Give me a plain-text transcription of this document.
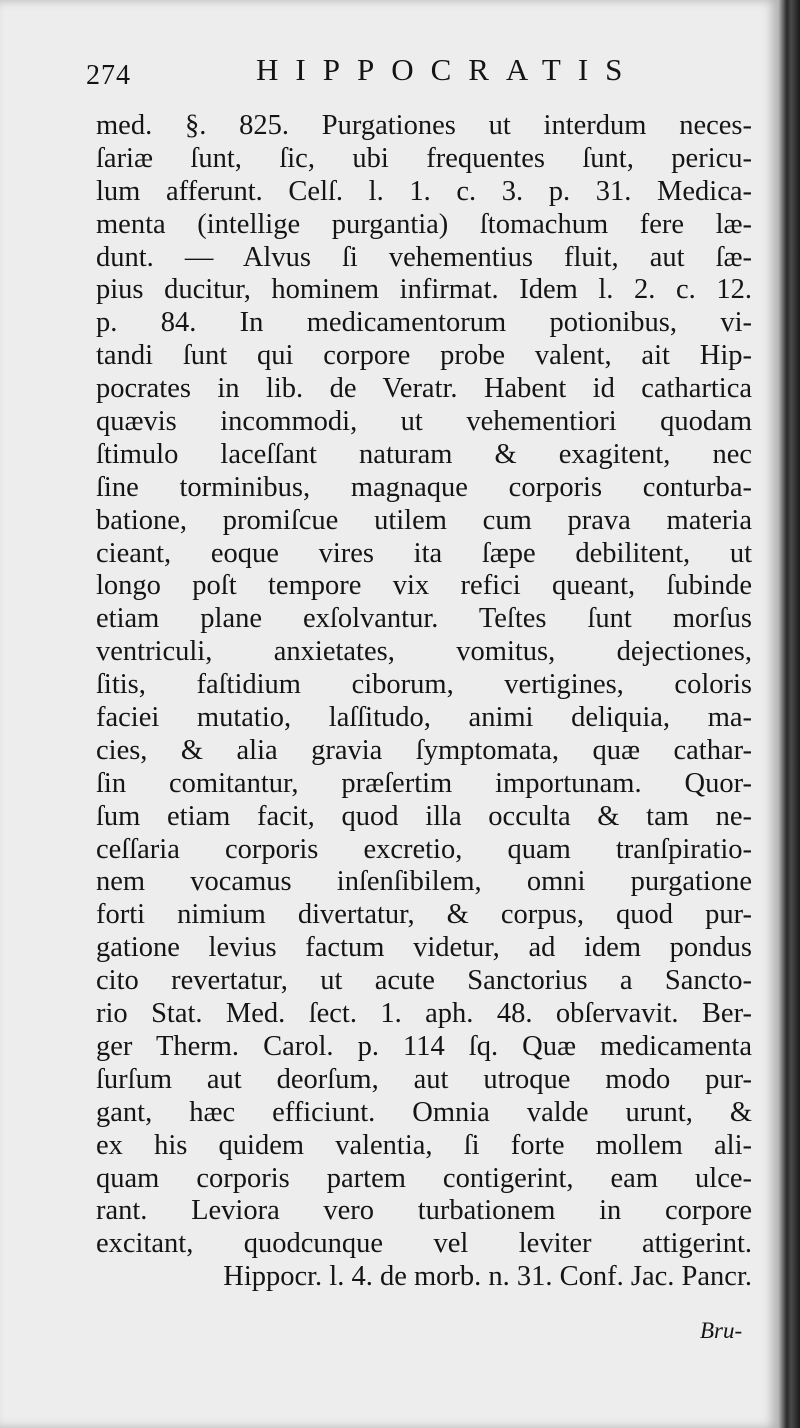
274	HIPPOCRATIS
med. §. 825. Purgationes ut interdum neces-
ſariæ ſunt, ſic, ubi frequentes ſunt, pericu-
lum afferunt. Celſ. l. 1. c. 3. p. 31. Medica-
menta (intellige purgantia) ſtomachum fere læ-
dunt. — Alvus ſi vehementius fluit, aut ſæ-
pius ducitur, hominem infirmat. Idem l. 2. c. 12.
p. 84. In medicamentorum potionibus, vi-
tandi ſunt qui corpore probe valent, ait Hip-
pocrates in lib. de Veratr. Habent id cathartica
quævis incommodi, ut vehementiori quodam
ſtimulo laceſſant naturam & exagitent, nec
ſine torminibus, magnaque corporis conturba-
batione, promiſcue utilem cum prava materia
cieant, eoque vires ita ſæpe debilitent, ut
longo poſt tempore vix refici queant, ſubinde
etiam plane exſolvantur. Teſtes ſunt morſus
ventriculi, anxietates, vomitus, dejectiones,
ſitis, faſtidium ciborum, vertigines, coloris
faciei mutatio, laſſitudo, animi deliquia, ma-
cies, & alia gravia ſymptomata, quæ cathar-
ſin comitantur, præſertim importunam. Quor-
ſum etiam facit, quod illa occulta & tam ne-
ceſſaria corporis excretio, quam tranſpiratio-
nem vocamus inſenſibilem, omni purgatione
forti nimium divertatur, & corpus, quod pur-
gatione levius factum videtur, ad idem pondus
cito revertatur, ut acute Sanctorius a Sancto-
rio Stat. Med. ſect. 1. aph. 48. obſervavit. Ber-
ger Therm. Carol. p. 114 ſq. Quæ medicamenta
ſurſum aut deorſum, aut utroque modo pur-
gant, hæc efficiunt. Omnia valde urunt, &
ex his quidem valentia, ſi forte mollem ali-
quam corporis partem contigerint, eam ulce-
rant. Leviora vero turbationem in corpore
excitant, quodcunque vel leviter attigerint.
Hippocr. l. 4. de morb. n. 31. Conf. Jac. Pancr.
Bru-
